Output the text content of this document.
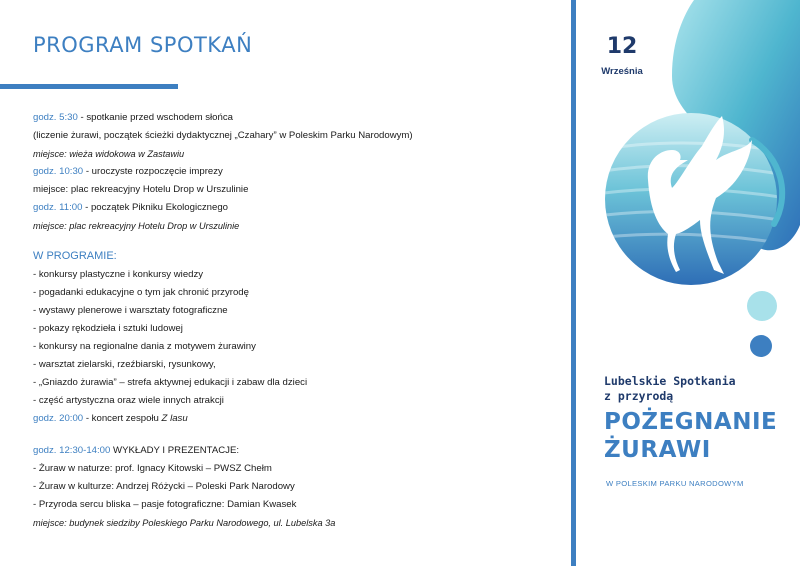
PROGRAM SPOTKAŃ
godz. 5:30 - spotkanie przed wschodem słońca
(liczenie żurawi, początek ścieżki dydaktycznej „Czahary” w Poleskim Parku Narodowym)
miejsce: wieża widokowa w Zastawiu
godz. 10:30 - uroczyste rozpoczęcie imprezy
miejsce: plac rekreacyjny Hotelu Drop w Urszulinie
godz. 11:00 - początek Pikniku Ekologicznego
miejsce: plac rekreacyjny Hotelu Drop w Urszulinie
W PROGRAMIE:
- konkursy plastyczne i konkursy wiedzy
- pogadanki edukacyjne o tym jak chronić przyrodę
- wystawy plenerowe i warsztaty fotograficzne
- pokazy rękodzieła i sztuki ludowej
- konkursy na regionalne dania z motywem żurawiny
- warsztat zielarski, rzeźbiarski, rysunkowy,
- „Gniazdo żurawia” – strefa aktywnej edukacji i zabaw dla dzieci
- część artystyczna oraz wiele innych atrakcji
godz. 20:00 - koncert zespołu Z lasu
godz. 12:30-14:00 WYKŁADY I PREZENTACJE:
- Żuraw w naturze: prof. Ignacy Kitowski – PWSZ Chełm
- Żuraw w kulturze: Andrzej Różycki – Poleski Park Narodowy
- Przyroda sercu bliska – pasje fotograficzne: Damian Kwasek
miejsce: budynek siedziby Poleskiego Parku Narodowego, ul. Lubelska 3a
12
Września
Lubelskie Spotkania
z przyrodą
POŻEGNANIE
ŻURAWI
W POLESKIM PARKU NARODOWYM
